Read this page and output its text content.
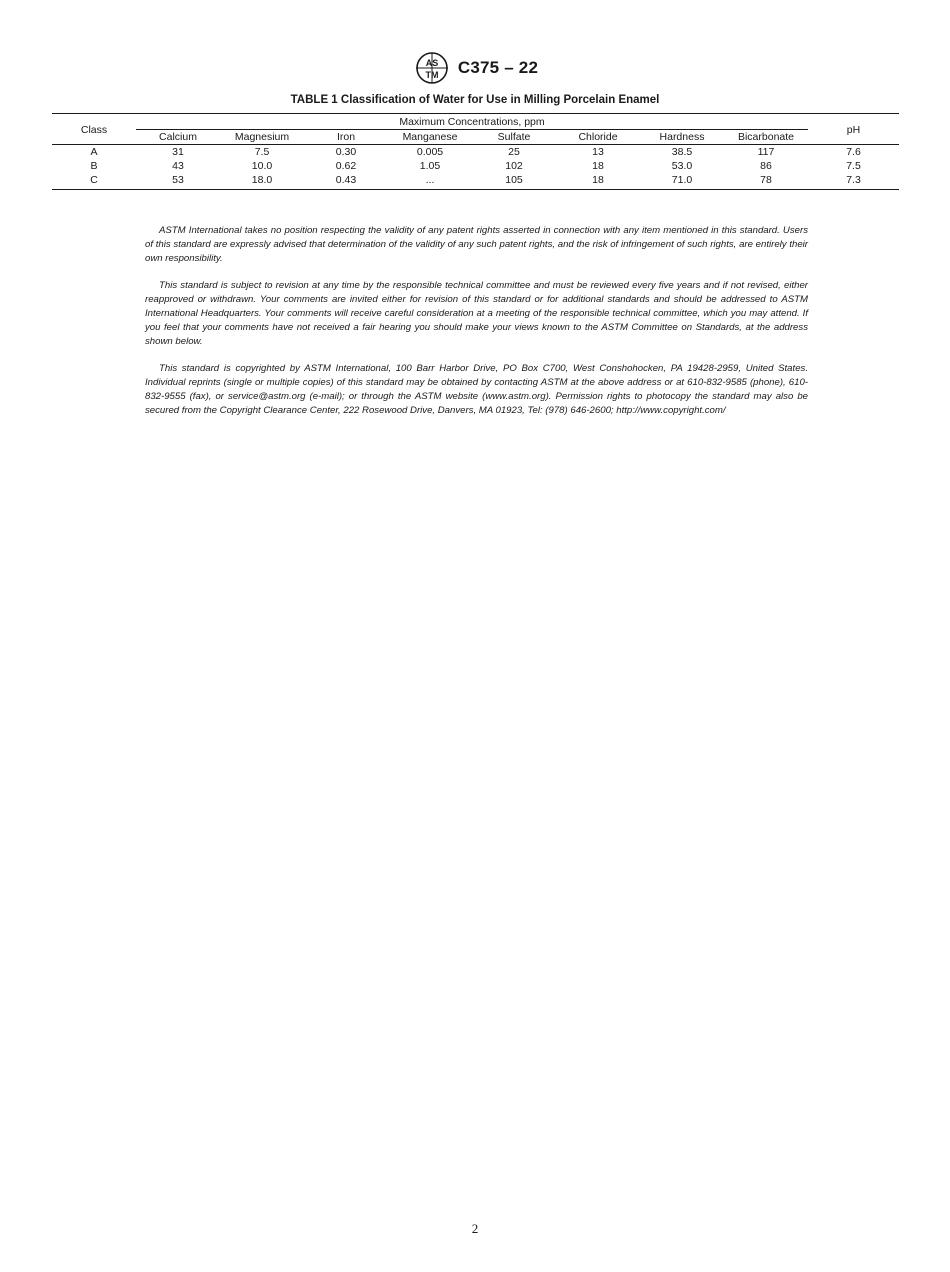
AS
TM C375 – 22
TABLE 1 Classification of Water for Use in Milling Porcelain Enamel
Class	Maximum Concentrations, ppm								pH
	Calcium	Magnesium	Iron	Manganese	Sulfate	Chloride	Hardness	Bicarbonate	
A	31	7.5	0.30	0.005	25	13	38.5	117	7.6
B	43	10.0	0.62	1.05	102	18	53.0	86	7.5
C	53	18.0	0.43	...	105	18	71.0	78	7.3

ASTM International takes no position respecting the validity of any patent rights asserted in connection with any item mentioned in this standard. Users of this standard are expressly advised that determination of the validity of any such patent rights, and the risk of infringement of such rights, are entirely their own responsibility.

This standard is subject to revision at any time by the responsible technical committee and must be reviewed every five years and if not revised, either reapproved or withdrawn. Your comments are invited either for revision of this standard or for additional standards and should be addressed to ASTM International Headquarters. Your comments will receive careful consideration at a meeting of the responsible technical committee, which you may attend. If you feel that your comments have not received a fair hearing you should make your views known to the ASTM Committee on Standards, at the address shown below.

This standard is copyrighted by ASTM International, 100 Barr Harbor Drive, PO Box C700, West Conshohocken, PA 19428-2959, United States. Individual reprints (single or multiple copies) of this standard may be obtained by contacting ASTM at the above address or at 610-832-9585 (phone), 610-832-9555 (fax), or service@astm.org (e-mail); or through the ASTM website (www.astm.org). Permission rights to photocopy the standard may also be secured from the Copyright Clearance Center, 222 Rosewood Drive, Danvers, MA 01923, Tel: (978) 646-2600; http://www.copyright.com/

2
